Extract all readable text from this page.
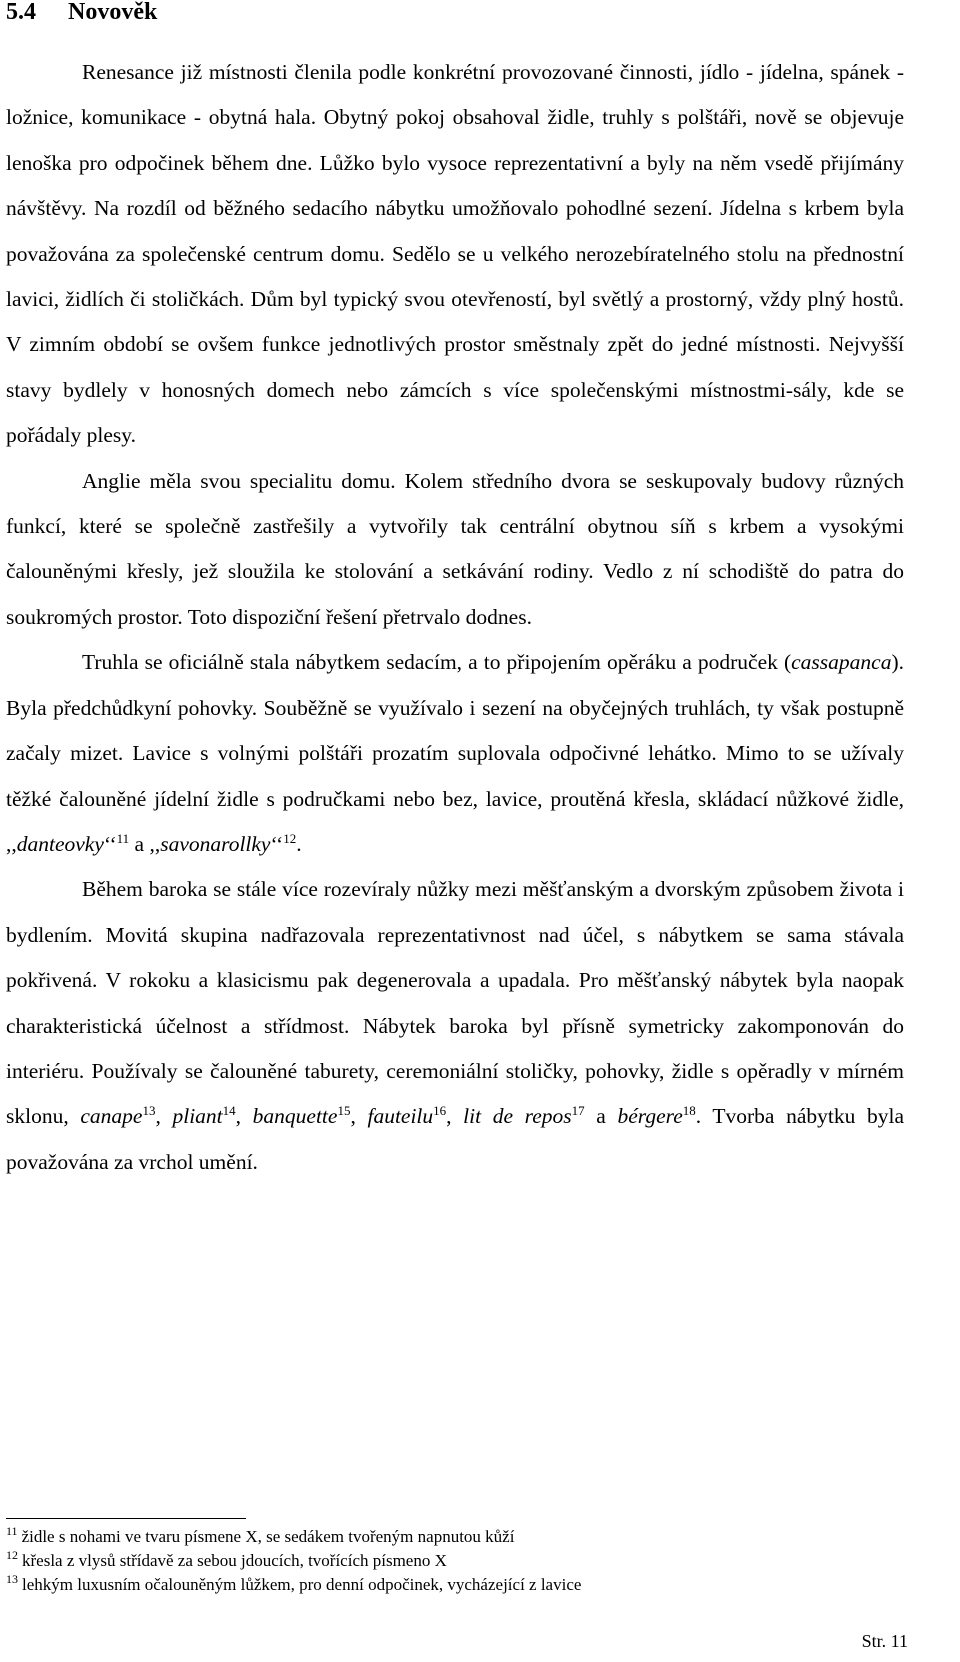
5.4 Novověk

Renesance již místnosti členila podle konkrétní provozované činnosti, jídlo - jídelna, spánek - ložnice, komunikace - obytná hala. Obytný pokoj obsahoval židle, truhly s polštáři, nově se objevuje lenoška pro odpočinek během dne. Lůžko bylo vysoce reprezentativní a byly na něm vsedě přijímány návštěvy. Na rozdíl od běžného sedacího nábytku umožňovalo pohodlné sezení. Jídelna s krbem byla považována za společenské centrum domu. Sedělo se u velkého nerozebíratelného stolu na přednostní lavici, židlích či stoličkách. Dům byl typický svou otevřeností, byl světlý a prostorný, vždy plný hostů. V zimním období se ovšem funkce jednotlivých prostor směstnaly zpět do jedné místnosti. Nejvyšší stavy bydlely v honosných domech nebo zámcích s více společenskými místnostmi-sály, kde se pořádaly plesy.

Anglie měla svou specialitu domu. Kolem středního dvora se seskupovaly budovy různých funkcí, které se společně zastřešily a vytvořily tak centrální obytnou síň s krbem a vysokými čalouněnými křesly, jež sloužila ke stolování a setkávání rodiny. Vedlo z ní schodiště do patra do soukromých prostor. Toto dispoziční řešení přetrvalo dodnes.

Truhla se oficiálně stala nábytkem sedacím, a to připojením opěráku a područek (cassapanca). Byla předchůdkyní pohovky. Souběžně se využívalo i sezení na obyčejných truhlách, ty však postupně začaly mizet. Lavice s volnými polštáři prozatím suplovala odpočivné lehátko. Mimo to se užívaly těžké čalouněné jídelní židle s područkami nebo bez, lavice, proutěná křesla, skládací nůžkové židle, ,,danteovky‘‘$^{11}$ a ,,savonarollky‘‘$^{12}$.

Během baroka se stále více rozevíraly nůžky mezi měšťanským a dvorským způsobem života i bydlením. Movitá skupina nadřazovala reprezentativnost nad účel, s nábytkem se sama stávala pokřivená. V rokoku a klasicismu pak degenerovala a upadala. Pro měšťanský nábytek byla naopak charakteristická účelnost a střídmost. Nábytek baroka byl přísně symetricky zakomponován do interiéru. Používaly se čalouněné taburety, ceremoniální stoličky, pohovky, židle s opěradly v mírném sklonu, canape$^{13}$, pliant$^{14}$, banquette$^{15}$, fauteilu$^{16}$, lit de repos$^{17}$ a bérgere$^{18}$. Tvorba nábytku byla považována za vrchol umění.

$^{11}$ židle s nohami ve tvaru písmene X, se sedákem tvořeným napnutou kůží

$^{12}$ křesla z vlysů střídavě za sebou jdoucích, tvořících písmeno X

$^{13}$ lehkým luxusním očalouněným lůžkem, pro denní odpočinek, vycházející z lavice

Str. 11
